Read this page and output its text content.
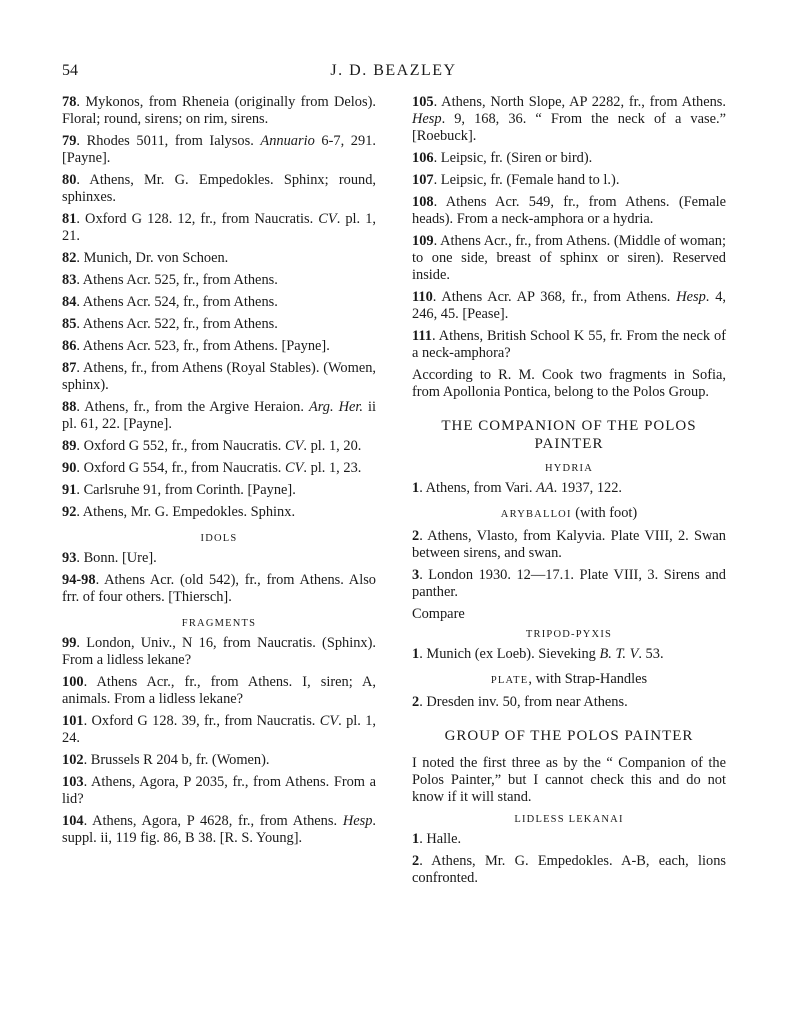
54	J. D. BEAZLEY

78. Mykonos, from Rheneia (originally from Delos). Floral; round, sirens; on rim, sirens.

79. Rhodes 5011, from Ialysos. Annuario 6-7, 291. [Payne].

80. Athens, Mr. G. Empedokles. Sphinx; round, sphinxes.

81. Oxford G 128. 12, fr., from Naucratis. CV. pl. 1, 21.

82. Munich, Dr. von Schoen.

83. Athens Acr. 525, fr., from Athens.

84. Athens Acr. 524, fr., from Athens.

85. Athens Acr. 522, fr., from Athens.

86. Athens Acr. 523, fr., from Athens. [Payne].

87. Athens, fr., from Athens (Royal Stables). (Women, sphinx).

88. Athens, fr., from the Argive Heraion. Arg. Her. ii pl. 61, 22. [Payne].

89. Oxford G 552, fr., from Naucratis. CV. pl. 1, 20.

90. Oxford G 554, fr., from Naucratis. CV. pl. 1, 23.

91. Carlsruhe 91, from Corinth. [Payne].

92. Athens, Mr. G. Empedokles. Sphinx.

IDOLS

93. Bonn. [Ure].

94-98. Athens Acr. (old 542), fr., from Athens. Also frr. of four others. [Thiersch].

FRAGMENTS

99. London, Univ., N 16, from Naucratis. (Sphinx). From a lidless lekane?

100. Athens Acr., fr., from Athens. I, siren; A, animals. From a lidless lekane?

101. Oxford G 128. 39, fr., from Naucratis. CV. pl. 1, 24.

102. Brussels R 204 b, fr. (Women).

103. Athens, Agora, P 2035, fr., from Athens. From a lid?

104. Athens, Agora, P 4628, fr., from Athens. Hesp. suppl. ii, 119 fig. 86, B 38. [R. S. Young].

105. Athens, North Slope, AP 2282, fr., from Athens. Hesp. 9, 168, 36. “ From the neck of a vase.” [Roebuck].

106. Leipsic, fr. (Siren or bird).

107. Leipsic, fr. (Female hand to l.).

108. Athens Acr. 549, fr., from Athens. (Female heads). From a neck-amphora or a hydria.

109. Athens Acr., fr., from Athens. (Middle of woman; to one side, breast of sphinx or siren). Reserved inside.

110. Athens Acr. AP 368, fr., from Athens. Hesp. 4, 246, 45. [Pease].

111. Athens, British School K 55, fr. From the neck of a neck-amphora?

According to R. M. Cook two fragments in Sofia, from Apollonia Pontica, belong to the Polos Group.

THE COMPANION OF THE POLOS PAINTER
HYDRIA

1. Athens, from Vari. AA. 1937, 122.

ARYBALLOI (with foot)

2. Athens, Vlasto, from Kalyvia. Plate VIII, 2. Swan between sirens, and swan.

3. London 1930. 12—17.1. Plate VIII, 3. Sirens and panther.

Compare

TRIPOD-PYXIS

1. Munich (ex Loeb). Sieveking B. T. V. 53.

PLATE, with Strap-Handles

2. Dresden inv. 50, from near Athens.

GROUP OF THE POLOS PAINTER

I noted the first three as by the “ Companion of the Polos Painter,” but I cannot check this and do not know if it will stand.

LIDLESS LEKANAI

1. Halle.

2. Athens, Mr. G. Empedokles. A-B, each, lions confronted.
